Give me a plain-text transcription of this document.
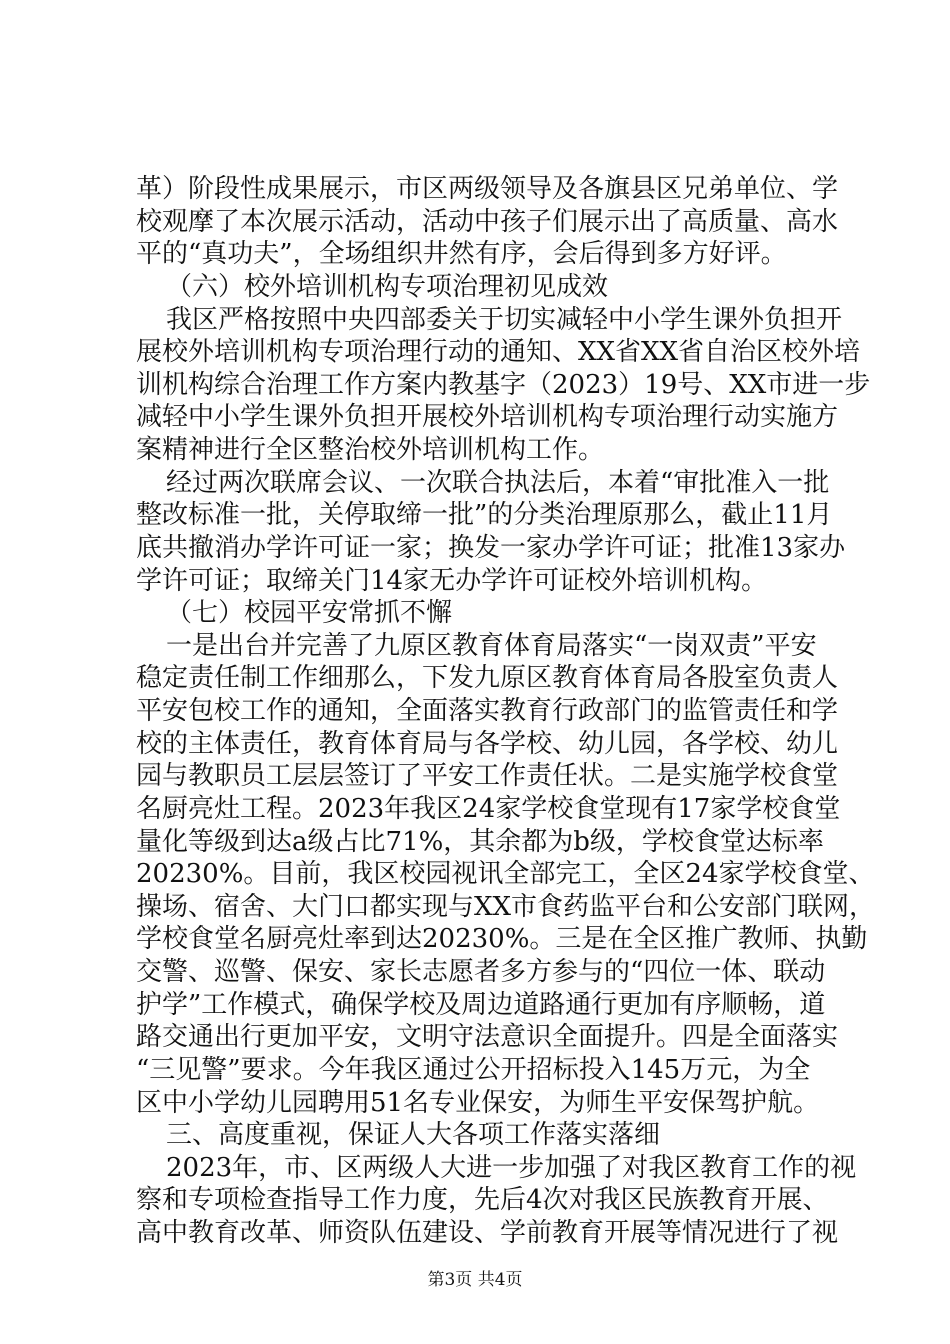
革）阶段性成果展示，市区两级领导及各旗县区兄弟单位、学
校观摩了本次展示活动，活动中孩子们展示出了高质量、高水
平的“真功夫”，全场组织井然有序，会后得到多方好评。
（六）校外培训机构专项治理初见成效
我区严格按照中央四部委关于切实减轻中小学生课外负担开
展校外培训机构专项治理行动的通知、XX省XX省自治区校外培
训机构综合治理工作方案内教基字（2023）19号、XX市进一步
减轻中小学生课外负担开展校外培训机构专项治理行动实施方
案精神进行全区整治校外培训机构工作。
经过两次联席会议、一次联合执法后，本着“审批准入一批
整改标准一批，关停取缔一批”的分类治理原那么，截止11月
底共撤消办学许可证一家；换发一家办学许可证；批准13家办
学许可证；取缔关门14家无办学许可证校外培训机构。
（七）校园平安常抓不懈
一是出台并完善了九原区教育体育局落实“一岗双责”平安
稳定责任制工作细那么，下发九原区教育体育局各股室负责人
平安包校工作的通知，全面落实教育行政部门的监管责任和学
校的主体责任，教育体育局与各学校、幼儿园，各学校、幼儿
园与教职员工层层签订了平安工作责任状。二是实施学校食堂
名厨亮灶工程。2023年我区24家学校食堂现有17家学校食堂
量化等级到达a级占比71%，其余都为b级，学校食堂达标率
20230%。目前，我区校园视讯全部完工，全区24家学校食堂、
操场、宿舍、大门口都实现与XX市食药监平台和公安部门联网，
学校食堂名厨亮灶率到达20230%。三是在全区推广教师、执勤
交警、巡警、保安、家长志愿者多方参与的“四位一体、联动
护学”工作模式，确保学校及周边道路通行更加有序顺畅，道
路交通出行更加平安，文明守法意识全面提升。四是全面落实
“三见警”要求。今年我区通过公开招标投入145万元，为全
区中小学幼儿园聘用51名专业保安，为师生平安保驾护航。
三、高度重视，保证人大各项工作落实落细
2023年，市、区两级人大进一步加强了对我区教育工作的视
察和专项检查指导工作力度，先后4次对我区民族教育开展、
高中教育改革、师资队伍建设、学前教育开展等情况进行了视
第3页 共4页
